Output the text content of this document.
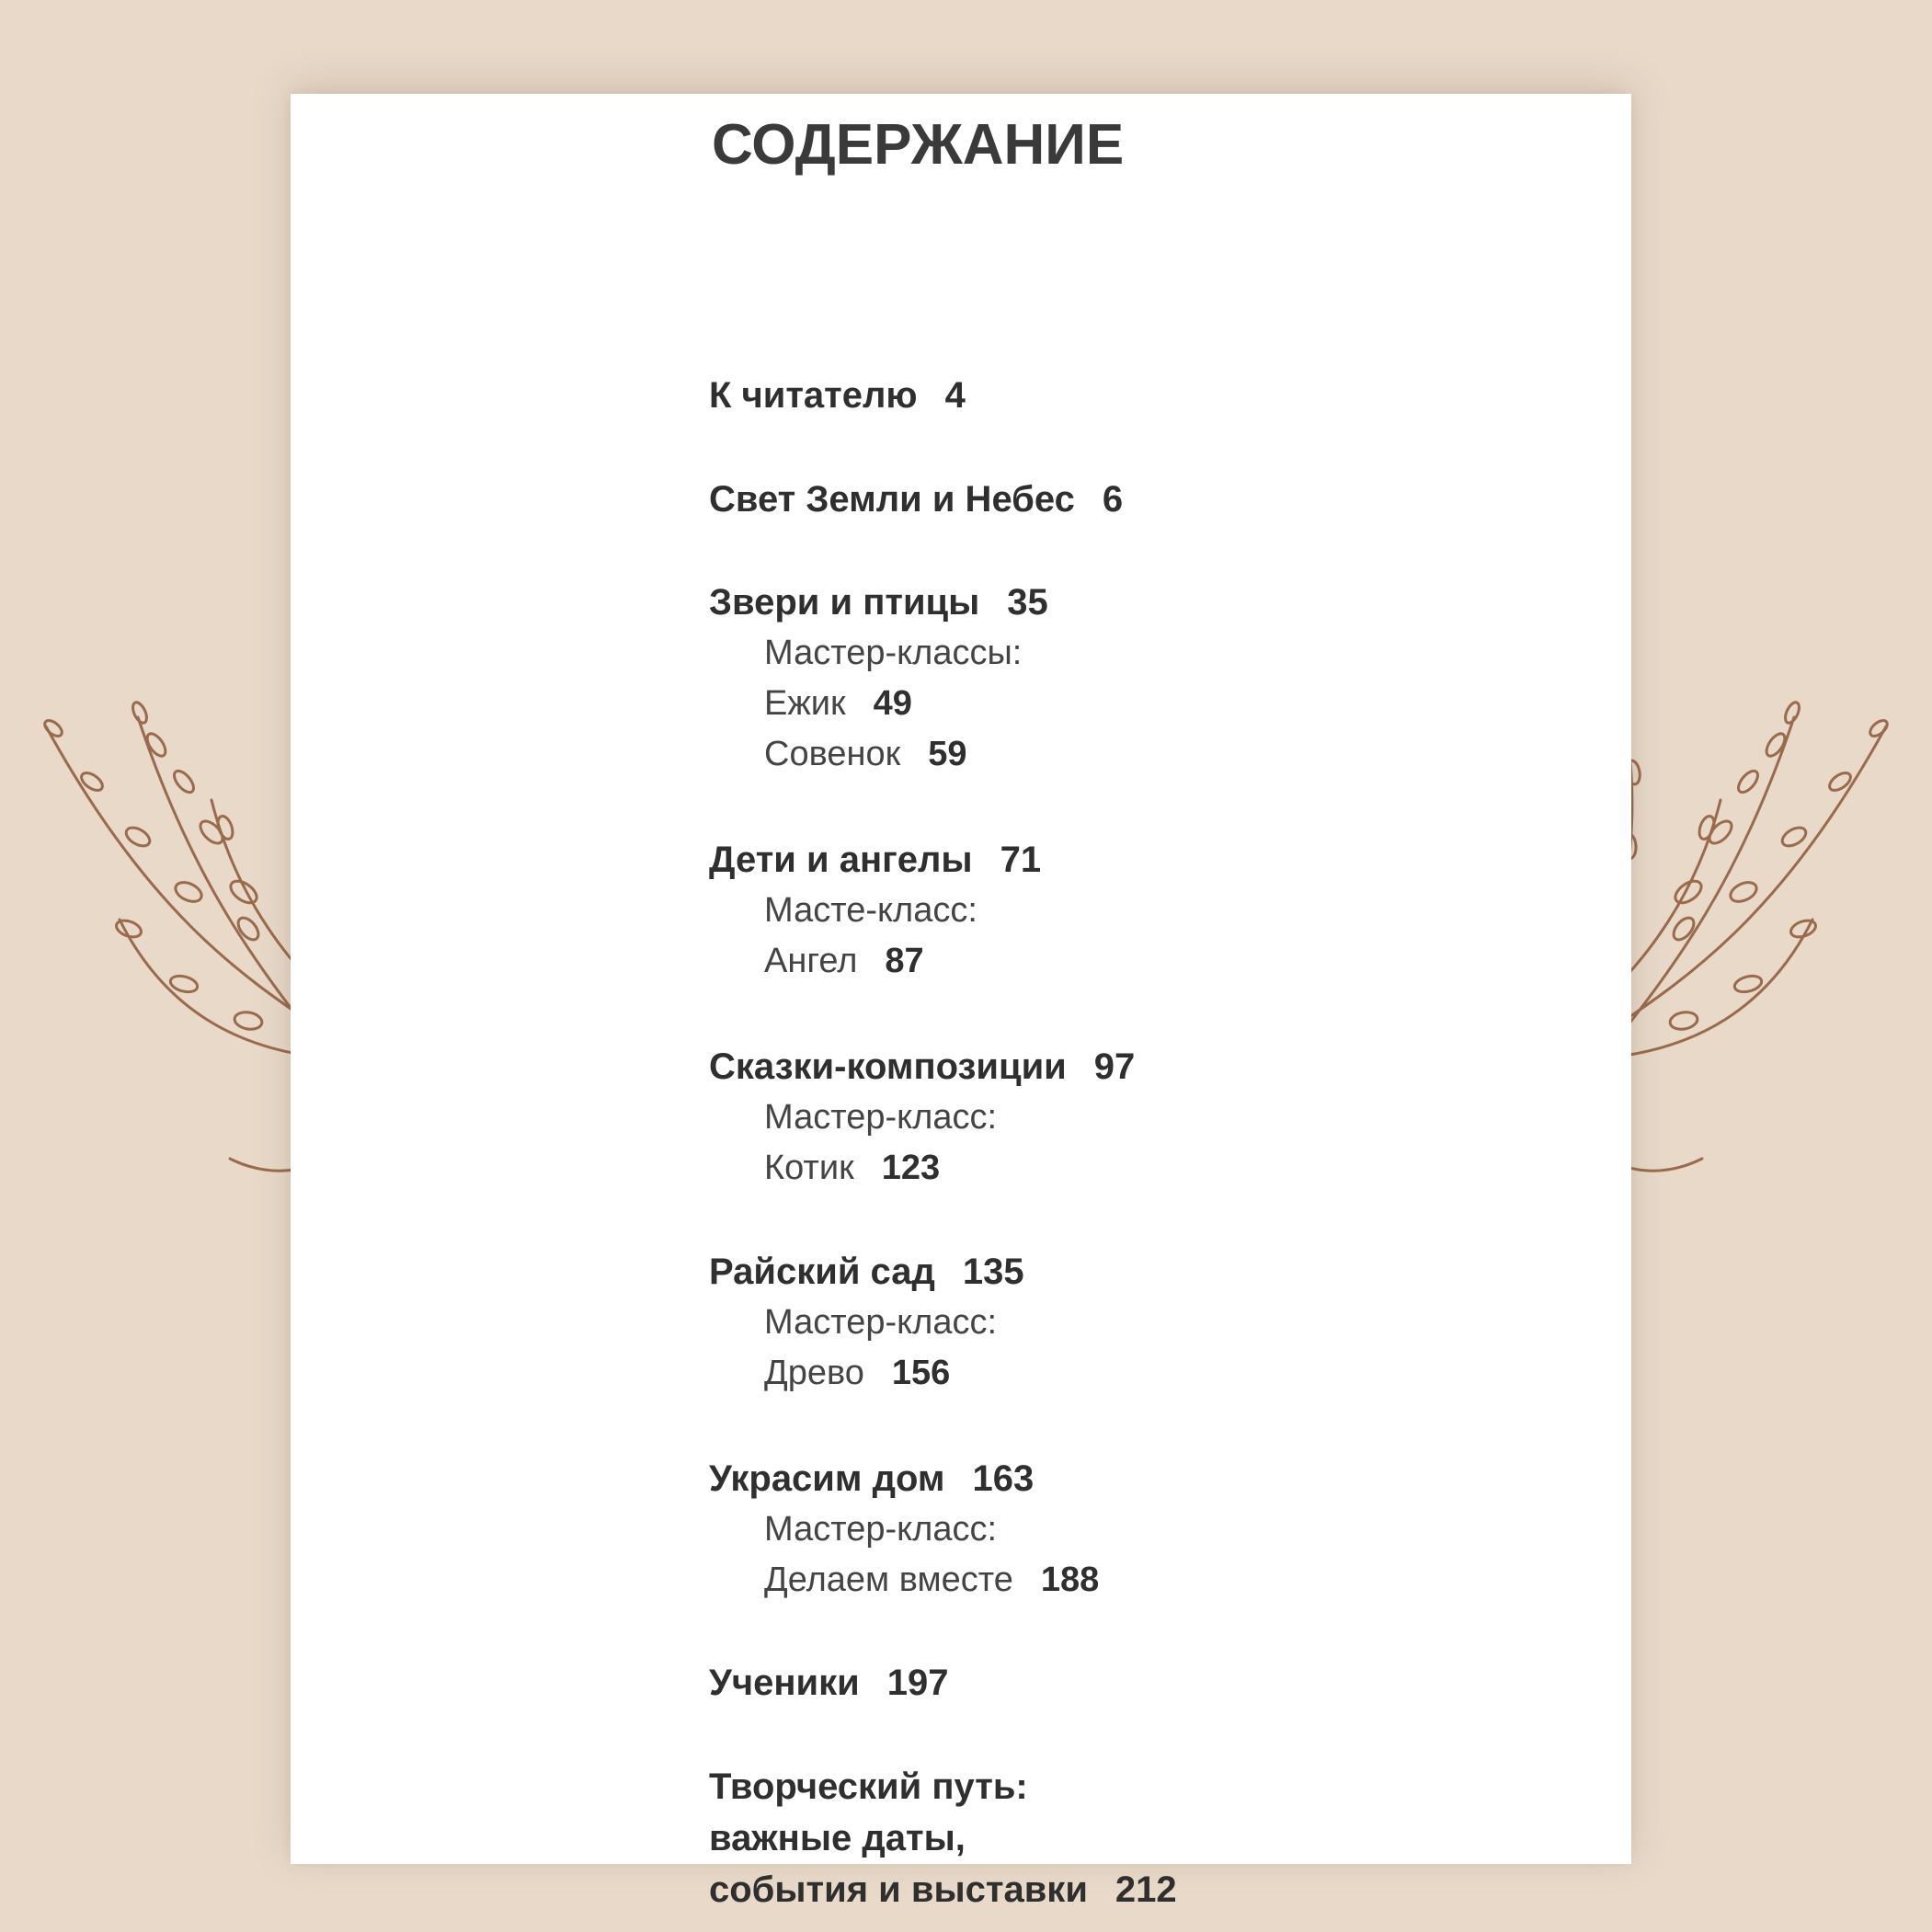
СОДЕРЖАНИЕ
К читателю 4
Свет Земли и Небес 6
Звери и птицы 35
Мастер-классы:
Ежик 49
Совенок 59
Дети и ангелы 71
Масте-класс:
Ангел 87
Сказки-композиции 97
Мастер-класс:
Котик 123
Райский сад 135
Мастер-класс:
Древо 156
Украсим дом 163
Мастер-класс:
Делаем вместе 188
Ученики 197
Творческий путь:
важные даты,
события и выставки 212
